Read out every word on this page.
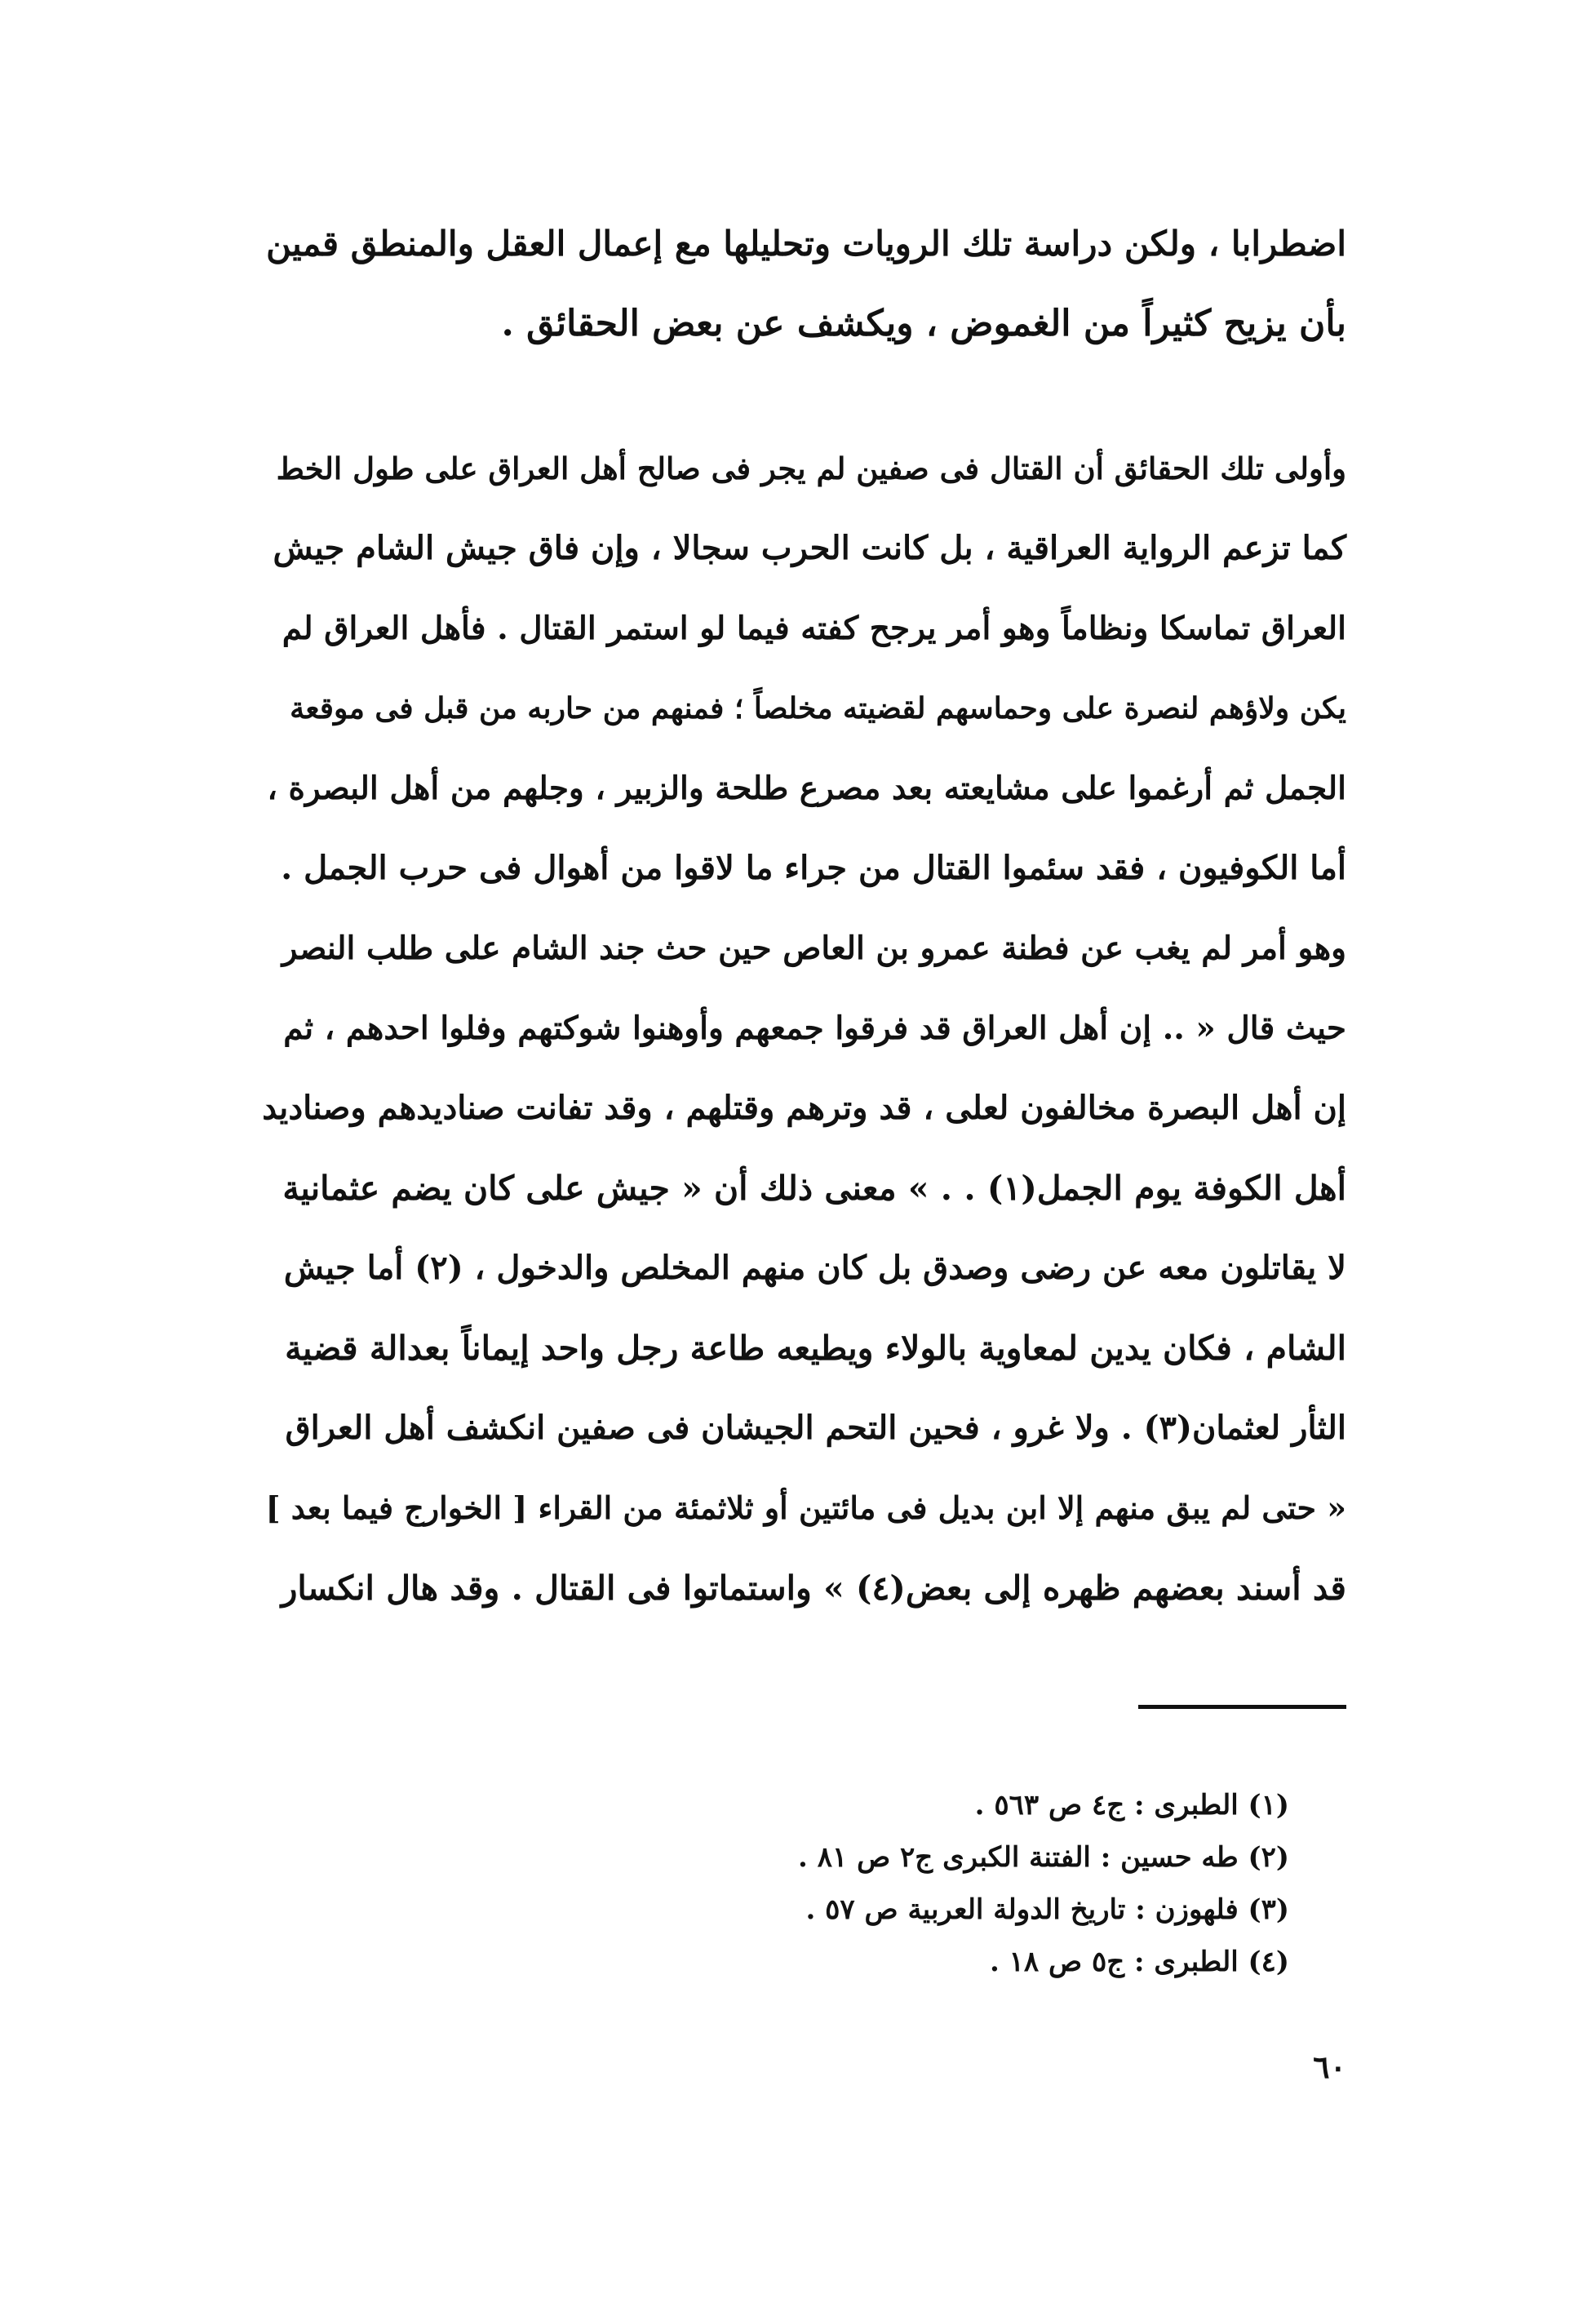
اضطرابا ، ولكن دراسة تلك الرويات وتحليلها مع إعمال العقل والمنطق قمين
بأن يزيح كثيراً من الغموض ، ويكشف عن بعض الحقائق .
وأولى تلك الحقائق أن القتال فى صفين لم يجر فى صالح أهل العراق على طول الخط
كما تزعم الرواية العراقية ، بل كانت الحرب سجالا ، وإن فاق جيش الشام جيش
العراق تماسكا ونظاماً وهو أمر يرجح كفته فيما لو استمر القتال . فأهل العراق لم
يكن ولاؤهم لنصرة على وحماسهم لقضيته مخلصاً ؛ فمنهم من حاربه من قبل فى موقعة
الجمل ثم أرغموا على مشايعته بعد مصرع طلحة والزبير ، وجلهم من أهل البصرة ،
أما الكوفيون ، فقد سئموا القتال من جراء ما لاقوا من أهوال فى حرب الجمل .
وهو أمر لم يغب عن فطنة عمرو بن العاص حين حث جند الشام على طلب النصر
حيث قال « .. إن أهل العراق قد فرقوا جمعهم وأوهنوا شوكتهم وفلوا احدهم ، ثم
إن أهل البصرة مخالفون لعلى ، قد وترهم وقتلهم ، وقد تفانت صناديدهم وصناديد
أهل الكوفة يوم الجمل(١) . . » معنى ذلك أن « جيش على كان يضم عثمانية
لا يقاتلون معه عن رضى وصدق بل كان منهم المخلص والدخول ، (٢) أما جيش
الشام ، فكان يدين لمعاوية بالولاء ويطيعه طاعة رجل واحد إيماناً بعدالة قضية
الثأر لعثمان(٣) . ولا غرو ، فحين التحم الجيشان فى صفين انكشف أهل العراق
« حتى لم يبق منهم إلا ابن بديل فى مائتين أو ثلاثمئة من القراء [ الخوارج فيما بعد ]
قد أسند بعضهم ظهره إلى بعض(٤) » واستماتوا فى القتال . وقد هال انكسار
(١) الطبرى : ج٤ ص ٥٦٣ .
(٢) طه حسين : الفتنة الكبرى ج٢ ص ٨١ .
(٣) فلهوزن : تاريخ الدولة العربية ص ٥٧ .
(٤) الطبرى : ج٥ ص ١٨ .
٦٠
